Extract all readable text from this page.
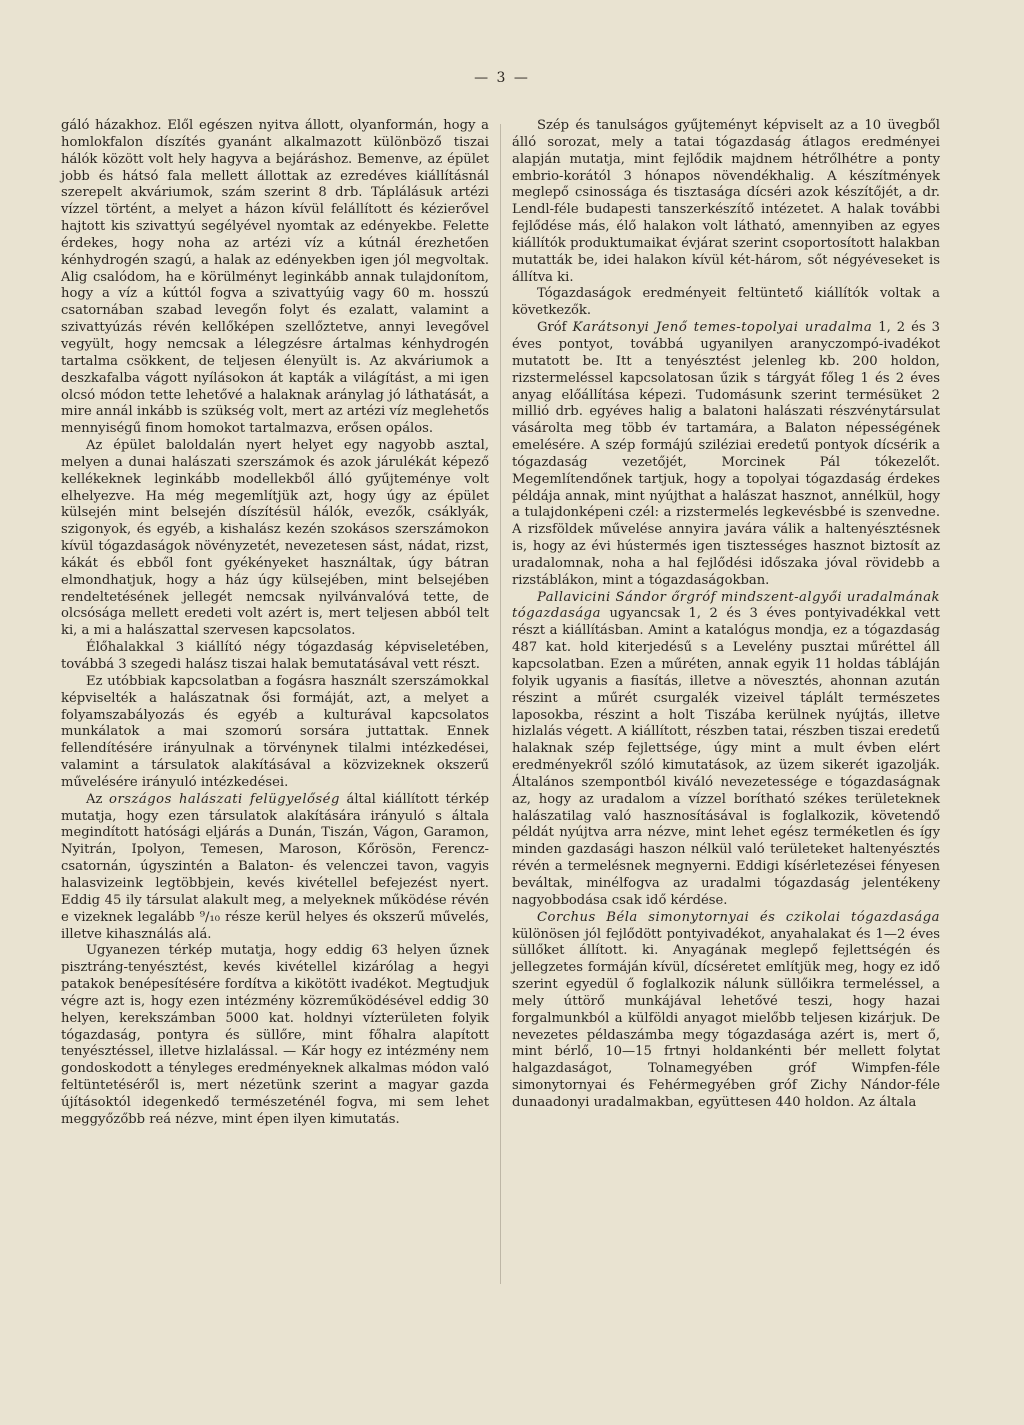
— 3 —

gáló házakhoz. Elől egészen nyitva állott, olyanformán, hogy a homlokfalon díszítés gyanánt alkalmazott különböző tiszai hálók között volt hely hagyva a bejáráshoz. Bemenve, az épület jobb és hátsó fala mellett állottak az ezredéves kiállításnál szerepelt akváriumok, szám szerint 8 drb. Táplálásuk artézi vízzel történt, a melyet a házon kívül felállított és kézierővel hajtott kis szivattyú segélyével nyomtak az edényekbe. Felette érdekes, hogy noha az artézi víz a kútnál érezhetően kénhydrogén szagú, a halak az edényekben igen jól megvoltak. Alig csalódom, ha e körülményt leginkább annak tulajdonítom, hogy a víz a kúttól fogva a szivattyúig vagy 60 m. hosszú csatornában szabad levegőn folyt és ezalatt, valamint a szivattyúzás révén kellőképen szellőztetve, annyi levegővel vegyült, hogy nemcsak a lélegzésre ártalmas kénhydrogén tartalma csökkent, de teljesen élenyült is. Az akváriumok a deszkafalba vágott nyílásokon át kapták a világítást, a mi igen olcsó módon tette lehetővé a halaknak aránylag jó láthatását, a mire annál inkább is szükség volt, mert az artézi víz meglehetős mennyiségű finom homokot tartalmazva, erősen opálos.

Az épület baloldalán nyert helyet egy nagyobb asztal, melyen a dunai halászati szerszámok és azok járulékát képező kellékeknek leginkább modellekből álló gyűjteménye volt elhelyezve. Ha még megemlítjük azt, hogy úgy az épület külsején mint belsején díszítésül hálók, evezők, csáklyák, szigonyok, és egyéb, a kishalász kezén szokásos szerszámokon kívül tógazdaságok növényzetét, nevezetesen sást, nádat, rizst, kákát és ebből font gyékényeket használtak, úgy bátran elmondhatjuk, hogy a ház úgy külsejében, mint belsejében rendeltetésének jellegét nemcsak nyilvánvalóvá tette, de olcsósága mellett eredeti volt azért is, mert teljesen abból telt ki, a mi a halászattal szervesen kapcsolatos.

Élőhalakkal 3 kiállító négy tógazdaság képviseletében, továbbá 3 szegedi halász tiszai halak bemutatásával vett részt.

Ez utóbbiak kapcsolatban a fogásra használt szerszámokkal képviselték a halászatnak ősi formáját, azt, a melyet a folyamszabályozás és egyéb a kulturával kapcsolatos munkálatok a mai szomorú sorsára juttattak. Ennek fellendítésére irányulnak a törvénynek tilalmi intézkedései, valamint a társulatok alakításával a közvizeknek okszerű művelésére irányuló intézkedései.

Az országos halászati felügyelőség által kiállított térkép mutatja, hogy ezen társulatok alakítására irányuló s általa megindított hatósági eljárás a Dunán, Tiszán, Vágon, Garamon, Nyitrán, Ipolyon, Temesen, Maroson, Kőrösön, Ferencz-csatornán, úgyszintén a Balaton- és velenczei tavon, vagyis halasvizeink legtöbbjein, kevés kivétellel befejezést nyert. Eddig 45 ily társulat alakult meg, a melyeknek működése révén e vizeknek legalább ⁹/₁₀ része kerül helyes és okszerű művelés, illetve kihasználás alá.

Ugyanezen térkép mutatja, hogy eddig 63 helyen űznek pisztráng-tenyésztést, kevés kivétellel kizárólag a hegyi patakok benépesítésére fordítva a kikötött ivadékot. Megtudjuk végre azt is, hogy ezen intézmény közreműködésével eddig 30 helyen, kerekszámban 5000 kat. holdnyi vízterületen folyik tógazdaság, pontyra és süllőre, mint főhalra alapított tenyésztéssel, illetve hizlalással. — Kár hogy ez intézmény nem gondoskodott a tényleges eredményeknek alkalmas módon való feltüntetéséről is, mert nézetünk szerint a magyar gazda újításoktól idegenkedő természeténél fogva, mi sem lehet meggyőzőbb reá nézve, mint épen ilyen kimutatás.

Szép és tanulságos gyűjteményt képviselt az a 10 üvegből álló sorozat, mely a tatai tógazdaság átlagos eredményei alapján mutatja, mint fejlődik majdnem hétrőlhétre a ponty embrio-korától 3 hónapos növendékhalig. A készítmények meglepő csinossága és tisztasága dícséri azok készítőjét, a dr. Lendl-féle budapesti tanszerkészítő intézetet. A halak további fejlődése más, élő halakon volt látható, amennyiben az egyes kiállítók produktumaikat évjárat szerint csoportosított halakban mutatták be, idei halakon kívül két-három, sőt négyéveseket is állítva ki.

Tógazdaságok eredményeit feltüntető kiállítók voltak a következők.

Gróf Karátsonyi Jenő temes-topolyai uradalma 1, 2 és 3 éves pontyot, továbbá ugyanilyen aranyczompó-ivadékot mutatott be. Itt a tenyésztést jelenleg kb. 200 holdon, rizstermeléssel kapcsolatosan űzik s tárgyát főleg 1 és 2 éves anyag előállítása képezi. Tudomásunk szerint termésüket 2 millió drb. egyéves halig a balatoni halászati részvénytársulat vásárolta meg több év tartamára, a Balaton népességének emelésére. A szép formájú sziléziai eredetű pontyok dícsérik a tógazdaság vezetőjét, Morcinek Pál tókezelőt. Megemlítendőnek tartjuk, hogy a topolyai tógazdaság érdekes példája annak, mint nyújthat a halászat hasznot, annélkül, hogy a tulajdonképeni czél: a rizstermelés legkevésbbé is szenvedne. A rizsföldek művelése annyira javára válik a haltenyésztésnek is, hogy az évi hústermés igen tisztességes hasznot biztosít az uradalomnak, noha a hal fejlődési időszaka jóval rövidebb a rizstáblákon, mint a tógazdaságokban.

Pallavicini Sándor őrgróf mindszent-algyői uradalmának tógazdasága ugyancsak 1, 2 és 3 éves pontyivadékkal vett részt a kiállításban. Amint a katalógus mondja, ez a tógazdaság 487 kat. hold kiterjedésű s a Levelény pusztai műréttel áll kapcsolatban. Ezen a műréten, annak egyik 11 holdas tábláján folyik ugyanis a fiasítás, illetve a növesztés, ahonnan azután részint a műrét csurgalék vizeivel táplált természetes laposokba, részint a holt Tiszába kerülnek nyújtás, illetve hizlalás végett. A kiállított, részben tatai, részben tiszai eredetű halaknak szép fejlettsége, úgy mint a mult évben elért eredményekről szóló kimutatások, az üzem sikerét igazolják. Általános szempontból kiváló nevezetessége e tógazdaságnak az, hogy az uradalom a vízzel borítható székes területeknek halászatilag való hasznosításával is foglalkozik, követendő példát nyújtva arra nézve, mint lehet egész terméketlen és így minden gazdasági haszon nélkül való területeket haltenyésztés révén a termelésnek megnyerni. Eddigi kísérletezései fényesen beváltak, minélfogva az uradalmi tógazdaság jelentékeny nagyobbodása csak idő kérdése.

Corchus Béla simonytornyai és czikolai tógazdasága különösen jól fejlődött pontyivadékot, anyahalakat és 1—2 éves süllőket állított. ki. Anyagának meglepő fejlettségén és jellegzetes formáján kívül, dícséretet említjük meg, hogy ez idő szerint egyedül ő foglalkozik nálunk süllőikra termeléssel, a mely úttörő munkájával lehetővé teszi, hogy hazai forgalmunkból a külföldi anyagot mielőbb teljesen kizárjuk. De nevezetes példaszámba megy tógazdasága azért is, mert ő, mint bérlő, 10—15 frtnyi holdankénti bér mellett folytat halgazdaságot, Tolnamegyében gróf Wimpfen-féle simonytornyai és Fehérmegyében gróf Zichy Nándor-féle dunaadonyi uradalmakban, együttesen 440 holdon. Az általa
